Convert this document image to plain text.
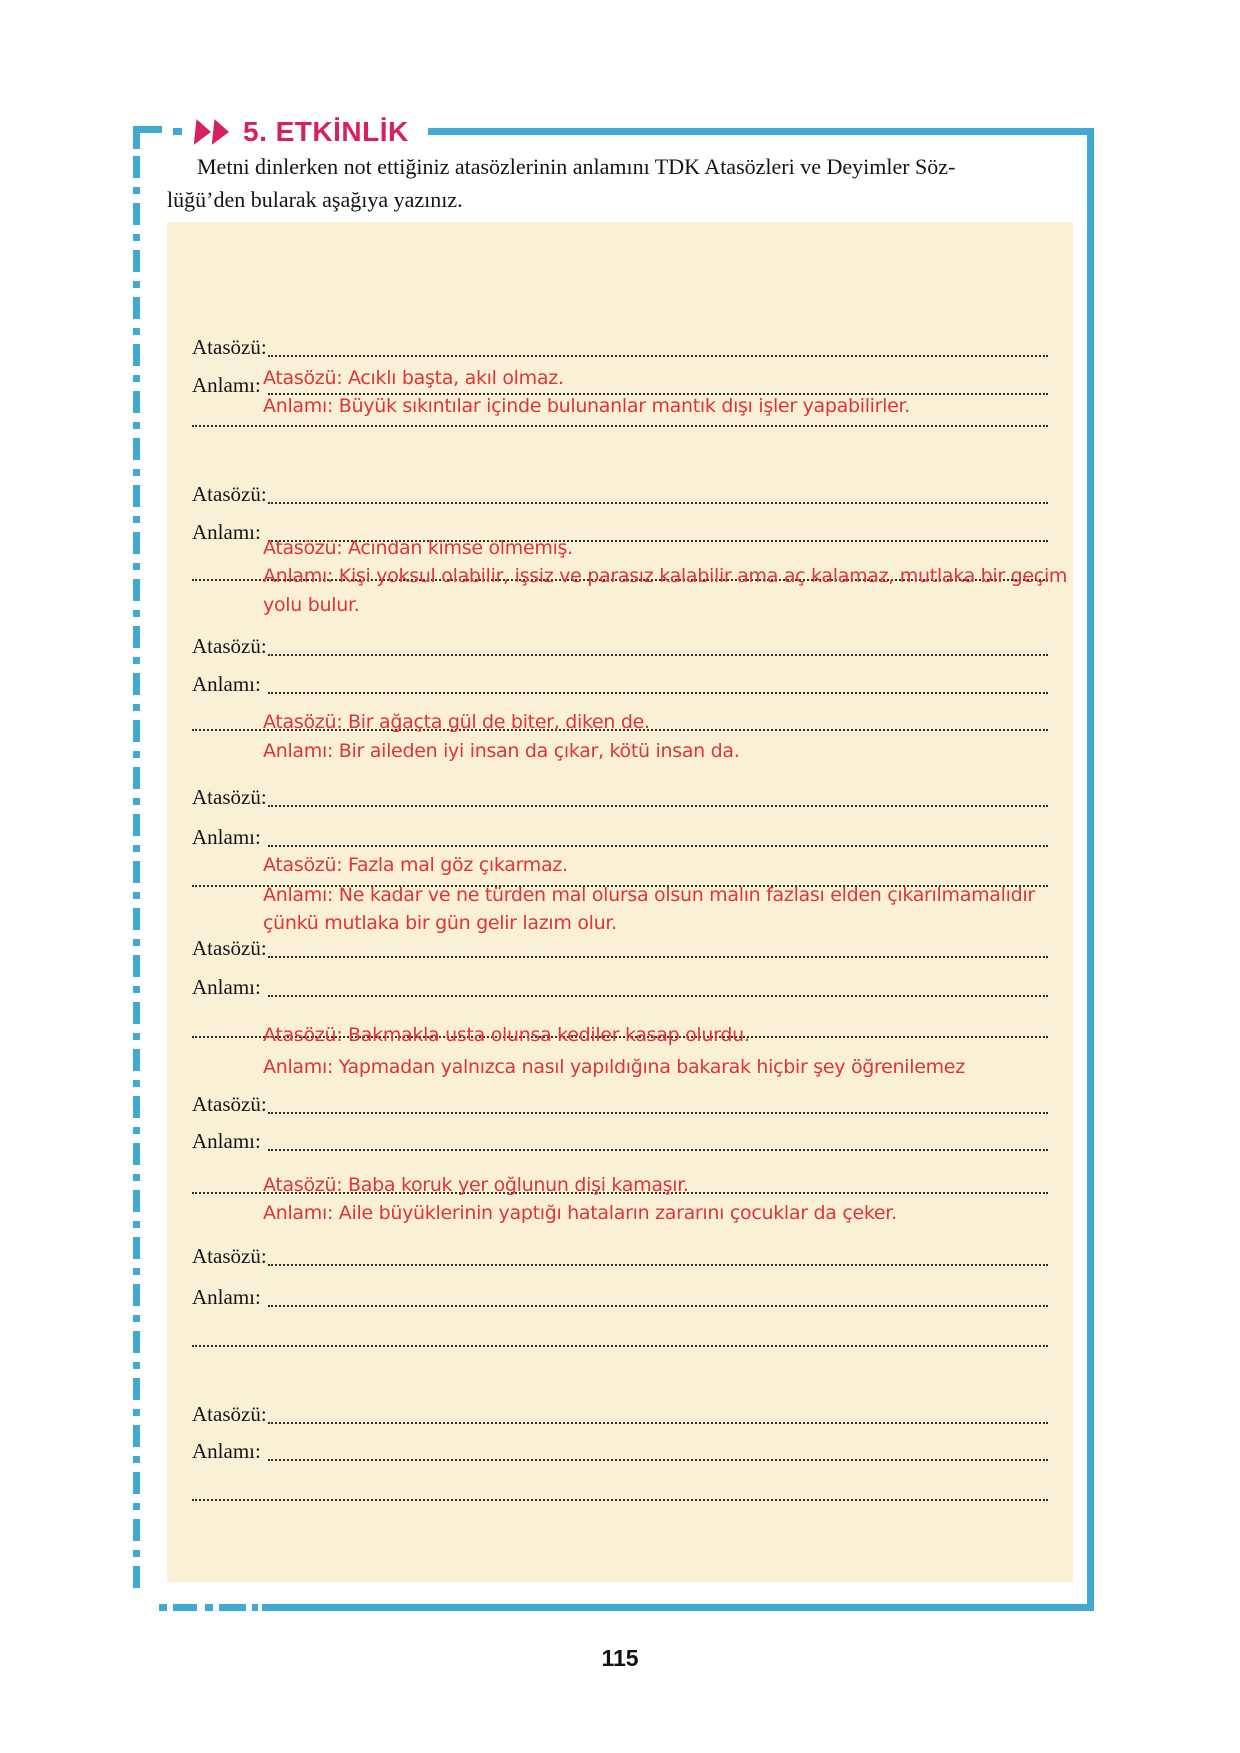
5. ETKİNLİK
Metni dinlerken not ettiğiniz atasözlerinin anlamını TDK Atasözleri ve Deyimler Söz-
lüğü’den bularak aşağıya yazınız.
Atasözü:
Anlamı:
Atasözü:
Anlamı:
Atasözü:
Anlamı:
Atasözü:
Anlamı:
Atasözü:
Anlamı:
Atasözü:
Anlamı:
Atasözü:
Anlamı:
Atasözü:
Anlamı:
Atasözü: Acıklı başta, akıl olmaz.
Anlamı: Büyük sıkıntılar içinde bulunanlar mantık dışı işler yapabilirler.
Atasözü: Acından kimse ölmemiş.
Anlamı: Kişi yoksul olabilir, işsiz ve parasız kalabilir ama aç kalamaz, mutlaka bir geçim
yolu bulur.
Atasözü: Bir ağaçta gül de biter, diken de.
Anlamı: Bir aileden iyi insan da çıkar, kötü insan da.
Atasözü: Fazla mal göz çıkarmaz.
Anlamı: Ne kadar ve ne türden mal olursa olsun malın fazlası elden çıkarılmamalıdır
çünkü mutlaka bir gün gelir lazım olur.
Atasözü: Bakmakla usta olunsa kediler kasap olurdu.
Anlamı: Yapmadan yalnızca nasıl yapıldığına bakarak hiçbir şey öğrenilemez
Atasözü: Baba koruk yer oğlunun dişi kamaşır.
Anlamı: Aile büyüklerinin yaptığı hataların zararını çocuklar da çeker.
115
